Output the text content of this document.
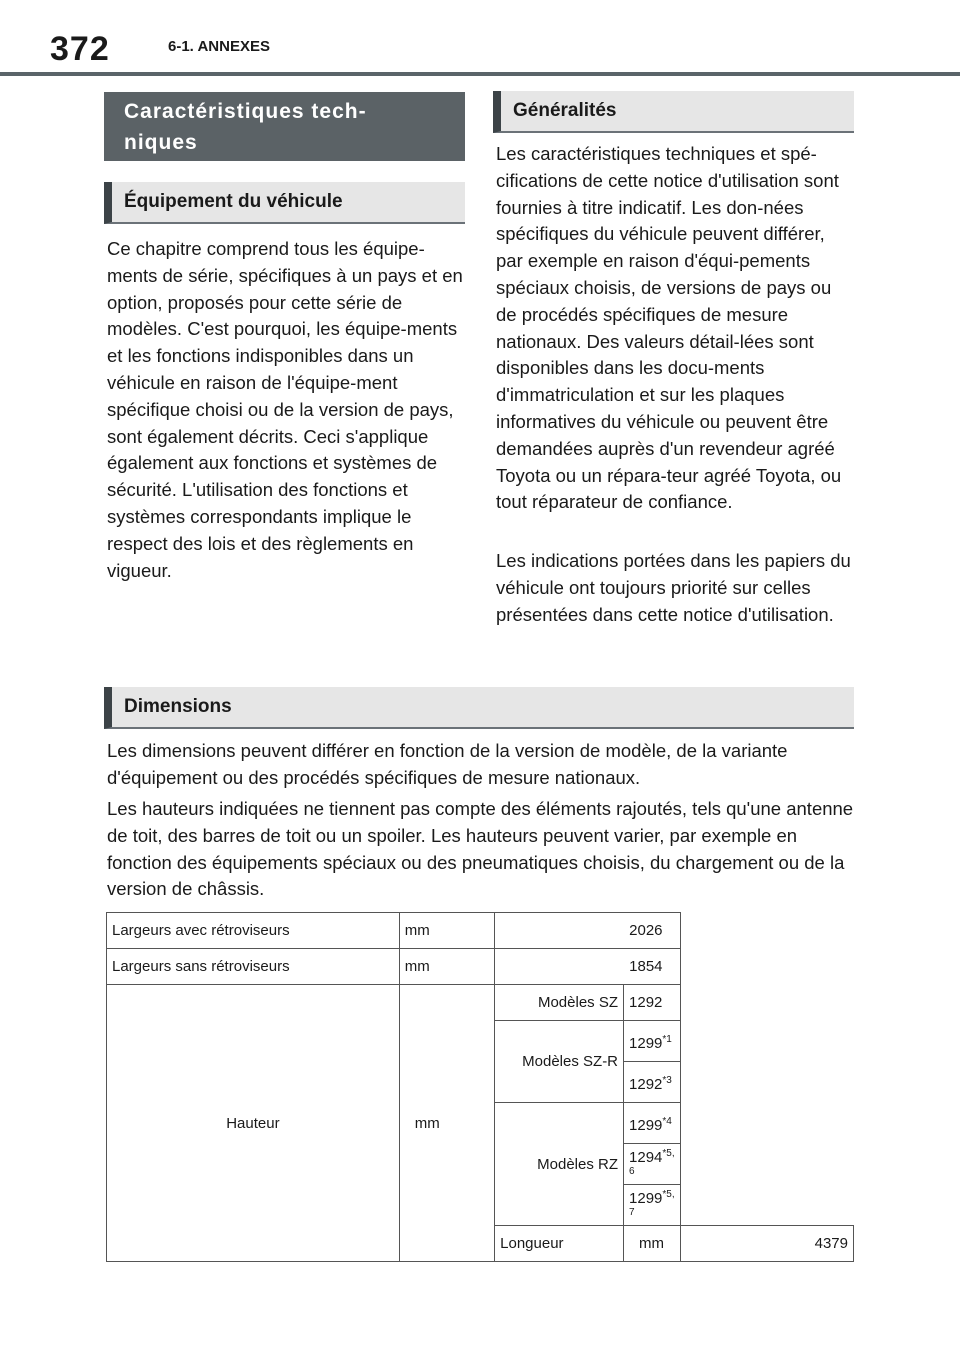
372	6-1. ANNEXES
Caractéristiques tech-
niques
Équipement du véhicule

Ce chapitre comprend tous les équipe-ments de série, spécifiques à un pays et en option, proposés pour cette série de modèles. C'est pourquoi, les équipe-ments et les fonctions indisponibles dans un véhicule en raison de l'équipe-ment spécifique choisi ou de la version de pays, sont également décrits. Ceci s'applique également aux fonctions et systèmes de sécurité. L'utilisation des fonctions et systèmes correspondants implique le respect des lois et des règlements en vigueur.

Généralités

Les caractéristiques techniques et spé-cifications de cette notice d'utilisation sont fournies à titre indicatif. Les don-nées spécifiques du véhicule peuvent différer, par exemple en raison d'équi-pements spéciaux choisis, de versions de pays ou de procédés spécifiques de mesure nationaux. Des valeurs détail-lées sont disponibles dans les docu-ments d'immatriculation et sur les plaques informatives du véhicule ou peuvent être demandées auprès d'un revendeur agréé Toyota ou un répara-teur agréé Toyota, ou tout réparateur de confiance.

Les indications portées dans les papiers du véhicule ont toujours priorité sur celles présentées dans cette notice d'utilisation.

Dimensions

Les dimensions peuvent différer en fonction de la version de modèle, de la variante d'équipement ou des procédés spécifiques de mesure nationaux.

Les hauteurs indiquées ne tiennent pas compte des éléments rajoutés, tels qu'une antenne de toit, des barres de toit ou un spoiler. Les hauteurs peuvent varier, par exemple en fonction des équipements spéciaux ou des pneumatiques choisis, du chargement ou de la version de châssis.

Largeurs avec rétroviseurs	mm	2026		
Largeurs sans rétroviseurs	mm	1854		
Hauteur	mm	Modèles SZ	1292	
		Modèles SZ-R	1299$^{*1}$
			1292$^{*3}$
		Modèles RZ	1299$^{*4}$
			1294$^{*5, 6}$
			1299$^{*5, 7}$
		Longueur	mm	4379
